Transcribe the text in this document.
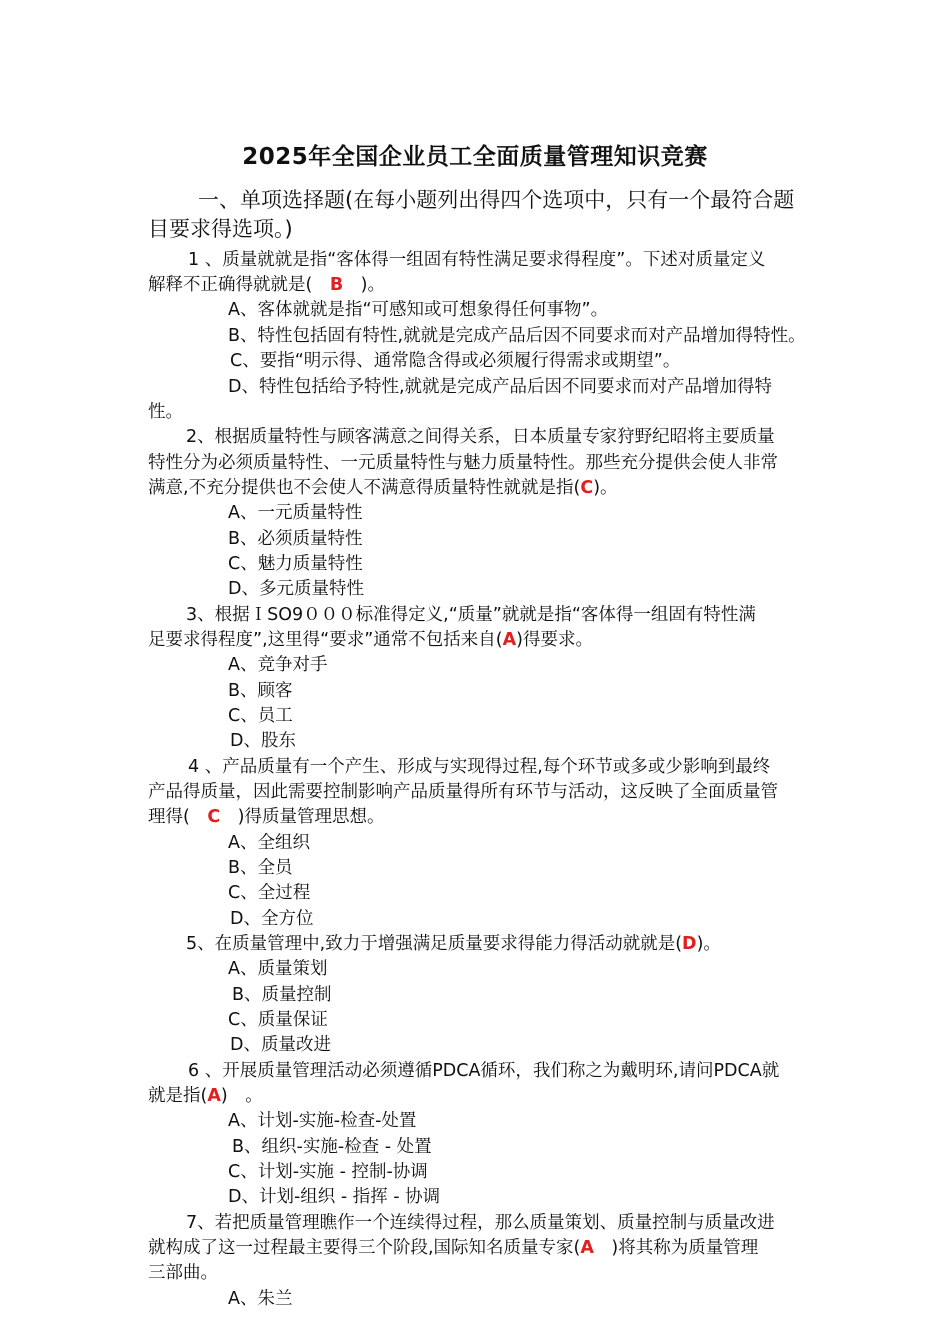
2025年全国企业员工全面质量管理知识竞赛
一、单项选择题(在每小题列出得四个选项中，只有一个最符合题
目要求得选项。)
1 、质量就就是指“客体得一组固有特性满足要求得程度”。下述对质量定义
解释不正确得就就是(　B　)。
A、客体就就是指“可感知或可想象得任何事物”。
B、特性包括固有特性,就就是完成产品后因不同要求而对产品增加得特性。
C、要指“明示得、通常隐含得或必须履行得需求或期望”。
D、特性包括给予特性,就就是完成产品后因不同要求而对产品增加得特
性。
2、根据质量特性与顾客满意之间得关系，日本质量专家狩野纪昭将主要质量
特性分为必须质量特性、一元质量特性与魅力质量特性。那些充分提供会使人非常
满意,不充分提供也不会使人不满意得质量特性就就是指(C)。
A、一元质量特性
B、必须质量特性
C、魅力质量特性
D、多元质量特性
3、根据ＩSO9０００标准得定义,“质量”就就是指“客体得一组固有特性满
足要求得程度”,这里得“要求”通常不包括来自(A)得要求。
A、竞争对手
B、顾客
C、员工
D、股东
4 、产品质量有一个产生、形成与实现得过程,每个环节或多或少影响到最终
产品得质量，因此需要控制影响产品质量得所有环节与活动，这反映了全面质量管
理得(　C　)得质量管理思想。
A、全组织
B、全员
C、全过程
D、全方位
5、在质量管理中,致力于增强满足质量要求得能力得活动就就是(D)。
A、质量策划
B、质量控制
C、质量保证
D、质量改进
6 、开展质量管理活动必须遵循PDCA循环，我们称之为戴明环,请问PDCA就
就是指(A)　。
A、计划-实施-检查-处置
B、组织-实施-检查 - 处置
C、计划-实施 - 控制-协调
D、计划-组织 - 指挥 - 协调
7、若把质量管理瞧作一个连续得过程，那么质量策划、质量控制与质量改进
就构成了这一过程最主要得三个阶段,国际知名质量专家(A　)将其称为质量管理
三部曲。
A、朱兰
